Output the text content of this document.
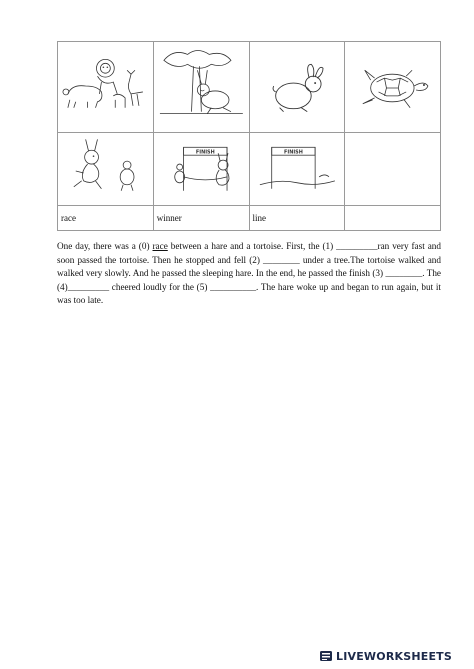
FINISH	FINISH	

race	winner	line	

One day, there was a (0) race between a hare and a tortoise. First, the (1) _________ran very fast and soon passed the tortoise. Then he stopped and fell (2) ________ under a tree.The tortoise walked and walked very slowly. And he passed the sleeping hare. In the end, he passed the finish (3) ________. The (4)_________ cheered loudly for the (5) __________. The hare woke up and began to run again, but it was too late.

LIVEWORKSHEETS
